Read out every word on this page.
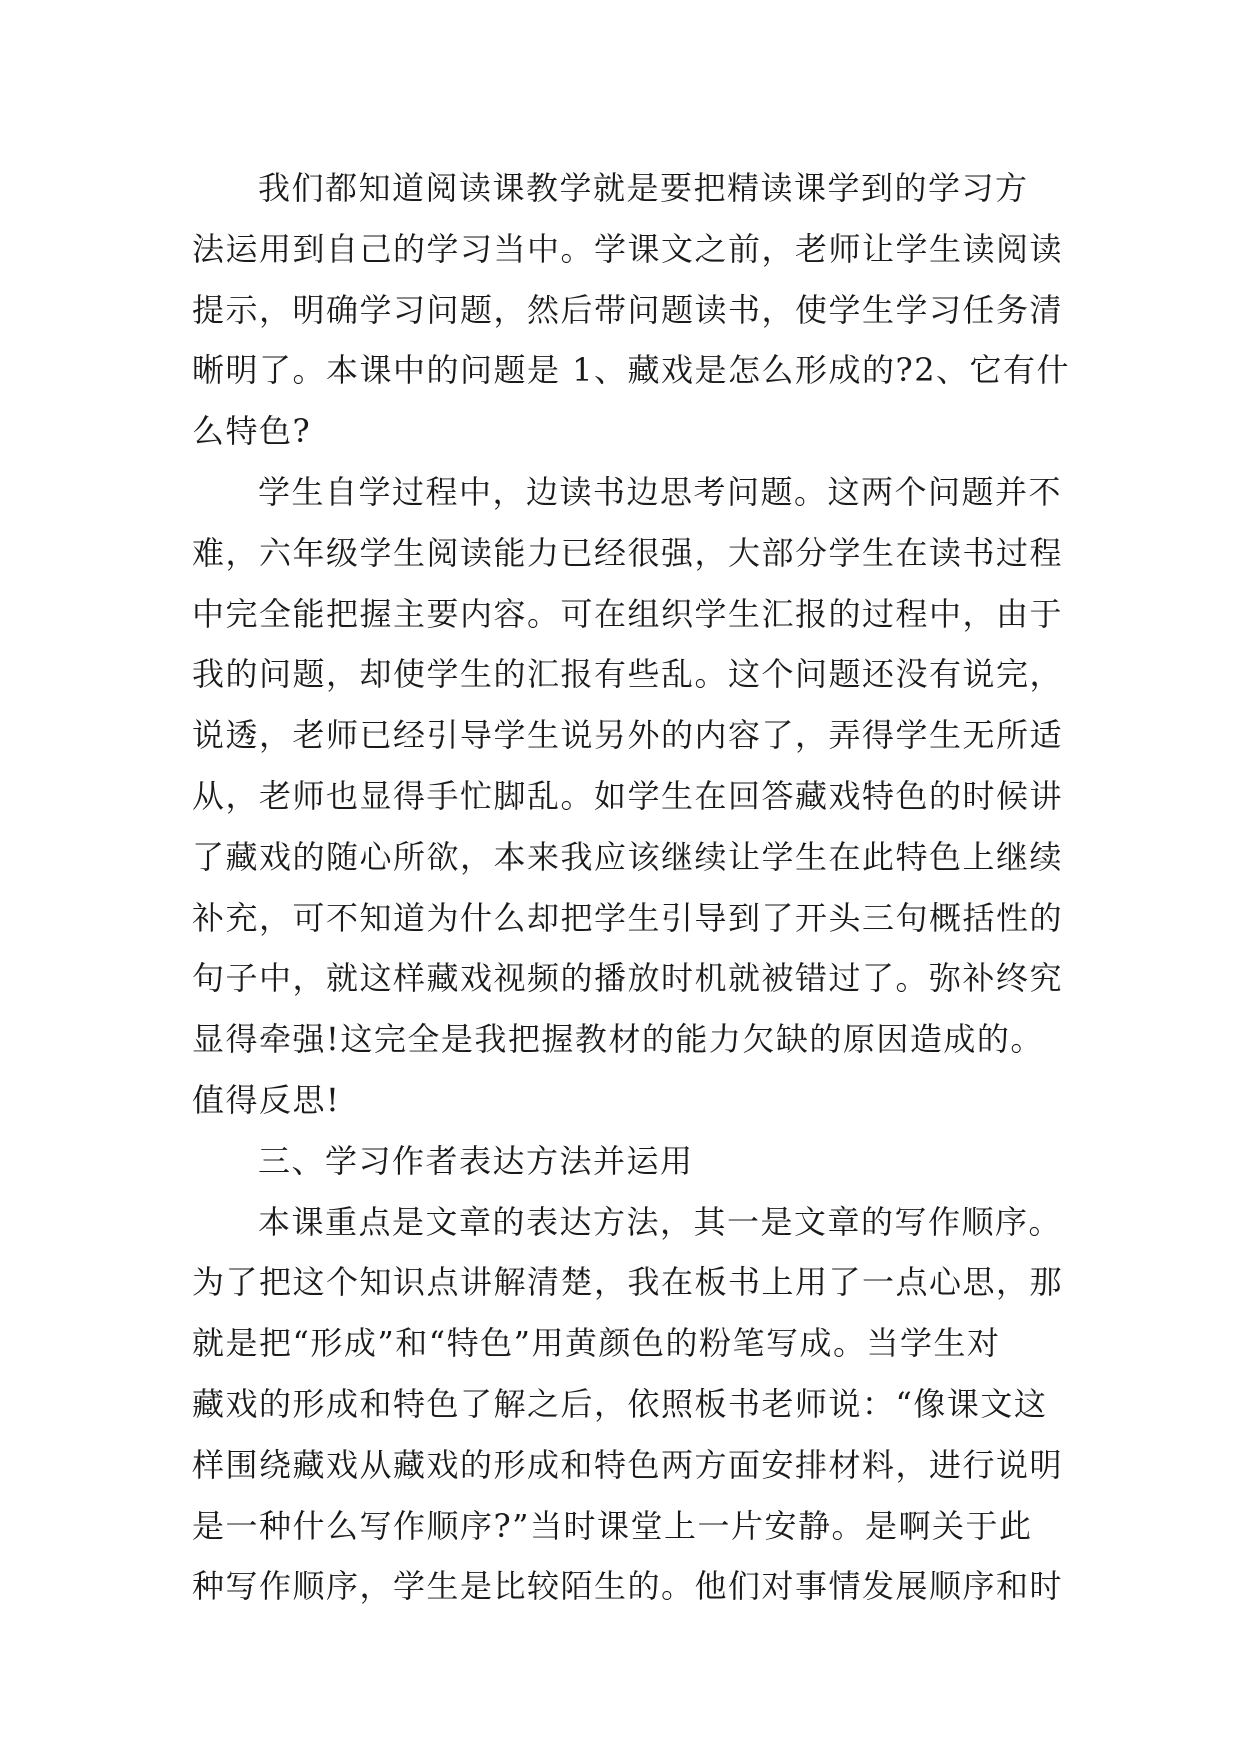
我们都知道阅读课教学就是要把精读课学到的学习方
法运用到自己的学习当中。学课文之前，老师让学生读阅读
提示，明确学习问题，然后带问题读书，使学生学习任务清
晰明了。本课中的问题是 1、藏戏是怎么形成的?2、它有什
么特色?
学生自学过程中，边读书边思考问题。这两个问题并不
难，六年级学生阅读能力已经很强，大部分学生在读书过程
中完全能把握主要内容。可在组织学生汇报的过程中，由于
我的问题，却使学生的汇报有些乱。这个问题还没有说完，
说透，老师已经引导学生说另外的内容了，弄得学生无所适
从，老师也显得手忙脚乱。如学生在回答藏戏特色的时候讲
了藏戏的随心所欲，本来我应该继续让学生在此特色上继续
补充，可不知道为什么却把学生引导到了开头三句概括性的
句子中，就这样藏戏视频的播放时机就被错过了。弥补终究
显得牵强!这完全是我把握教材的能力欠缺的原因造成的。
值得反思!
三、学习作者表达方法并运用
本课重点是文章的表达方法，其一是文章的写作顺序。
为了把这个知识点讲解清楚，我在板书上用了一点心思，那
就是把“形成”和“特色”用黄颜色的粉笔写成。当学生对
藏戏的形成和特色了解之后，依照板书老师说：“像课文这
样围绕藏戏从藏戏的形成和特色两方面安排材料，进行说明
是一种什么写作顺序?”当时课堂上一片安静。是啊关于此
种写作顺序，学生是比较陌生的。他们对事情发展顺序和时
